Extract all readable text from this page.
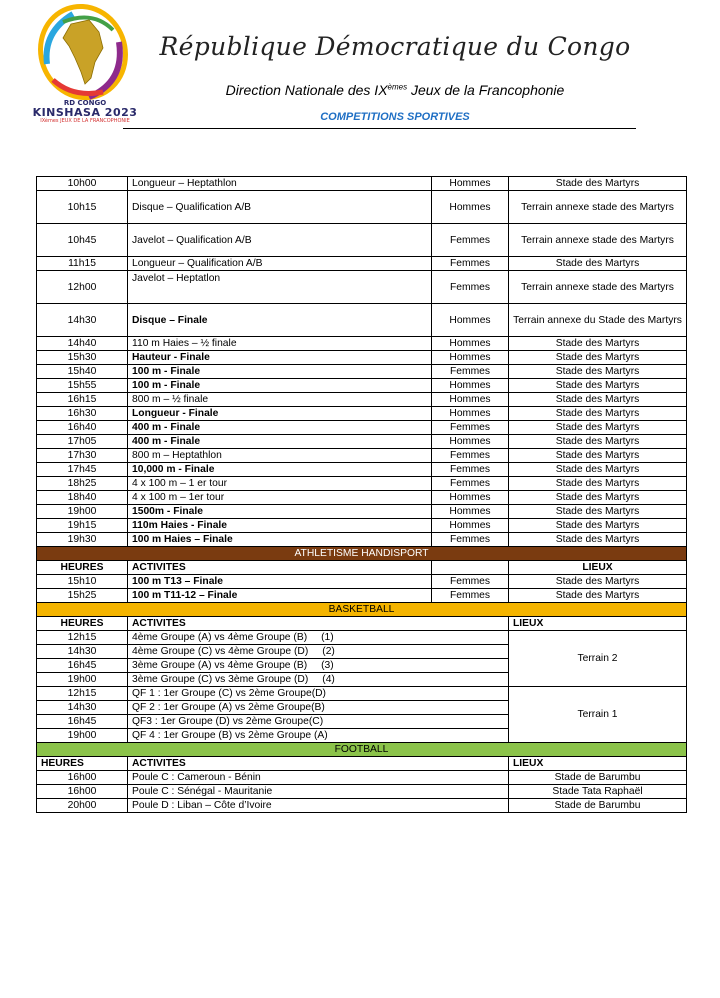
RD CONGO
KINSHASA 2023
IXèmes JEUX DE LA FRANCOPHONIE
République Démocratique du Congo
Direction Nationale des IXèmes Jeux de la Francophonie
COMPETITIONS SPORTIVES
10h00	Longueur – Heptathlon	Hommes	Stade des Martyrs
10h15	Disque – Qualification A/B	Hommes	Terrain annexe stade des Martyrs
10h45	Javelot – Qualification A/B	Femmes	Terrain annexe stade des Martyrs
11h15	Longueur – Qualification A/B	Femmes	Stade des Martyrs
12h00	Javelot – Heptatlon	Femmes	Terrain annexe stade des Martyrs
14h30	Disque – Finale	Hommes	Terrain annexe du Stade des Martyrs
14h40	110 m Haies – ½ finale	Hommes	Stade des Martyrs
15h30	Hauteur - Finale	Hommes	Stade des Martyrs
15h40	100 m - Finale	Femmes	Stade des Martyrs
15h55	100 m - Finale	Hommes	Stade des Martyrs
16h15	800 m – ½ finale	Hommes	Stade des Martyrs
16h30	Longueur - Finale	Hommes	Stade des Martyrs
16h40	400 m - Finale	Femmes	Stade des Martyrs
17h05	400 m - Finale	Hommes	Stade des Martyrs
17h30	800 m – Heptathlon	Femmes	Stade des Martyrs
17h45	10,000 m - Finale	Femmes	Stade des Martyrs
18h25	4 x 100 m – 1 er tour	Femmes	Stade des Martyrs
18h40	4 x 100 m – 1er tour	Hommes	Stade des Martyrs
19h00	1500m - Finale	Hommes	Stade des Martyrs
19h15	110m Haies - Finale	Hommes	Stade des Martyrs
19h30	100 m Haies – Finale	Femmes	Stade des Martyrs
ATHLETISME HANDISPORT			
HEURES	ACTIVITES		LIEUX
15h10	100 m T13 – Finale	Femmes	Stade des Martyrs
15h25	100 m T11-12 – Finale	Femmes	Stade des Martyrs
BASKETBALL			
HEURES	ACTIVITES		LIEUX
12h15	4ème Groupe (A) vs 4ème Groupe (B) (1)		Terrain 2
14h30	4ème Groupe (C) vs 4ème Groupe (D) (2)		
16h45	3ème Groupe (A) vs 4ème Groupe (B) (3)		
19h00	3ème Groupe (C) vs 3ème Groupe (D) (4)		
12h15	QF 1 : 1er Groupe (C) vs 2ème Groupe(D)		Terrain 1
14h30	QF 2 : 1er Groupe (A) vs 2ème Groupe(B)		
16h45	QF3 : 1er Groupe (D) vs 2ème Groupe(C)		
19h00	QF 4 : 1er Groupe (B) vs 2ème Groupe (A)		
FOOTBALL			
HEURES	ACTIVITES		LIEUX
16h00	Poule C : Cameroun - Bénin		Stade de Barumbu
16h00	Poule C : Sénégal - Mauritanie		Stade Tata Raphaël
20h00	Poule D : Liban – Côte d’Ivoire		Stade de Barumbu
